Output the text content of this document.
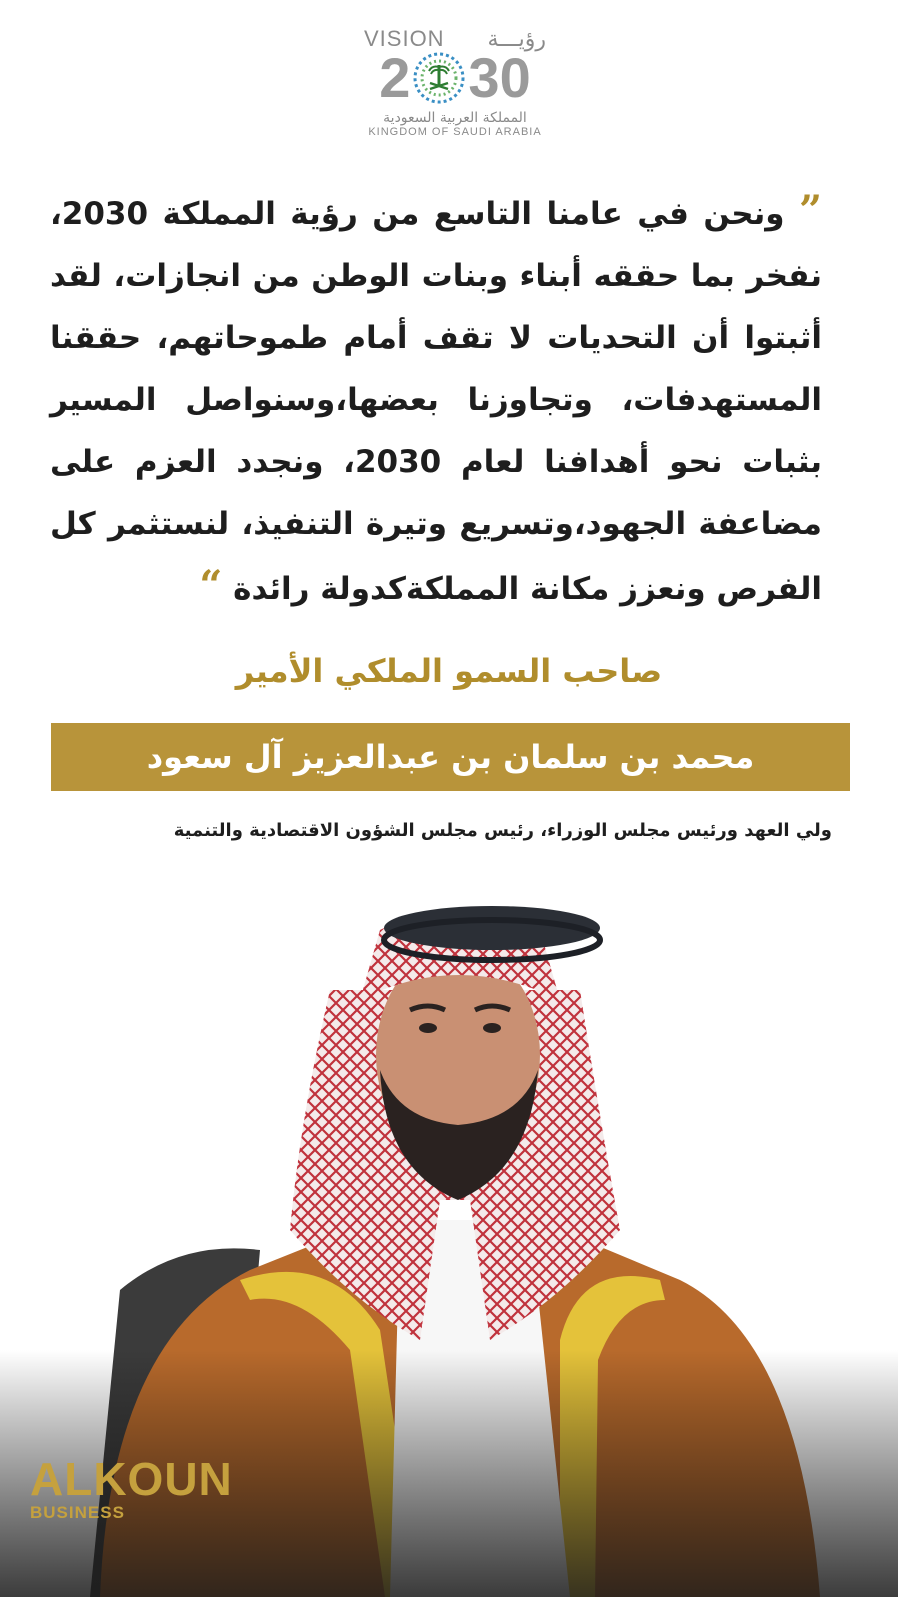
VISION رؤيـــة
2 30
المملكة العربية السعودية
KINGDOM OF SAUDI ARABIA
” ونحن في عامنا التاسع من رؤية المملكة 2030، نفخر بما حققه أبناء وبنات الوطن من انجازات، لقد أثبتوا أن التحديات لا تقف أمام طموحاتهم، حققنا المستهدفات، وتجاوزنا بعضها،وسنواصل المسير بثبات نحو أهدافنا لعام 2030، ونجدد العزم على مضاعفة الجهود،وتسريع وتيرة التنفيذ، لنستثمر كل الفرص ونعزز مكانة المملكةكدولة رائدة “
صاحب السمو الملكي الأمير
محمد بن سلمان بن عبدالعزيز آل سعود
ولي العهد ورئيس مجلس الوزراء، رئيس مجلس الشؤون الاقتصادية والتنمية
ALKOUN
BUSINESS
